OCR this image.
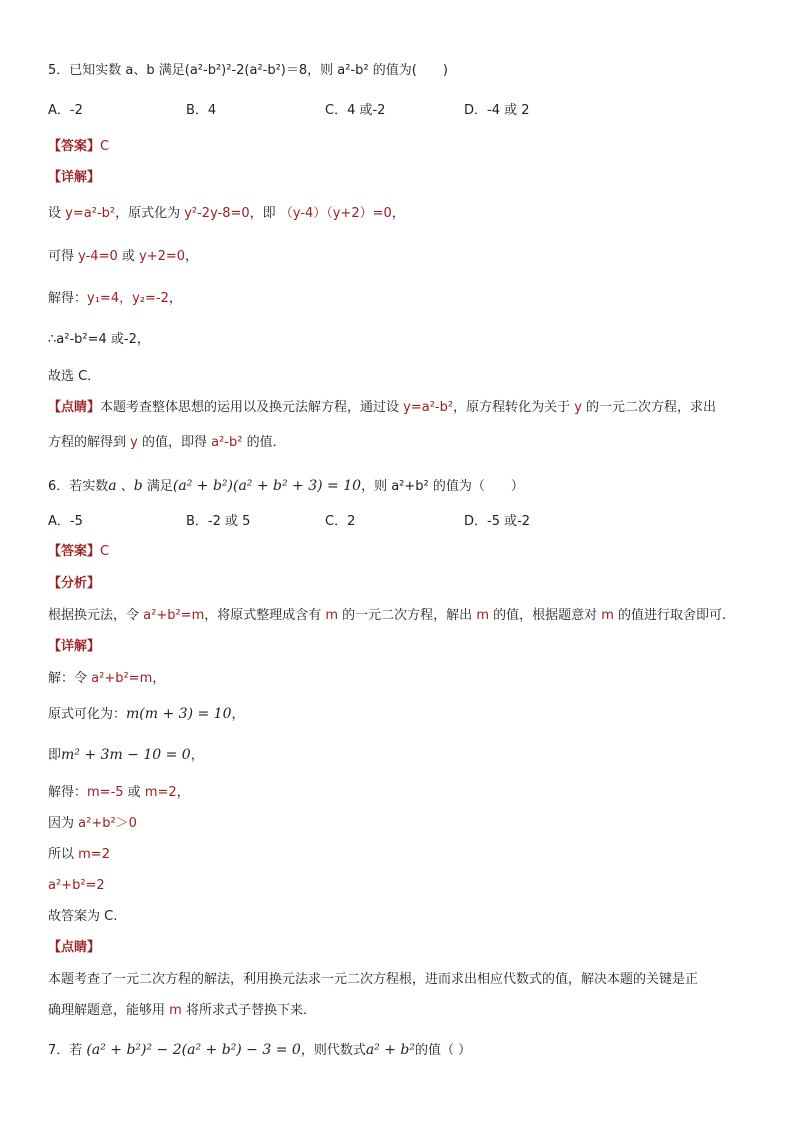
5．已知实数 a、b 满足(a²-b²)²-2(a²-b²)＝8，则 a²-b² 的值为(　　)
A．-2	B．4	C．4 或-2	D．-4 或 2
【答案】C
【详解】
设 y=a²-b²，原式化为 y²-2y-8=0，即 （y-4）（y+2）=0，
可得 y-4=0 或 y+2=0，
解得：y₁=4，y₂=-2，
∴a²-b²=4 或-2，
故选 C．
【点睛】本题考查整体思想的运用以及换元法解方程，通过设 y=a²-b²，原方程转化为关于 y 的一元二次方程，求出
方程的解得到 y 的值，即得 a²-b² 的值．
6．若实数a 、b 满足(a² + b²)(a² + b² + 3) = 10，则 a²+b² 的值为（　　）
A．-5	B．-2 或 5	C．2	D．-5 或-2
【答案】C
【分析】
根据换元法，令 a²+b²=m，将原式整理成含有 m 的一元二次方程，解出 m 的值，根据题意对 m 的值进行取舍即可.
【详解】
解：令 a²+b²=m，
原式可化为：m(m + 3) = 10，
即m² + 3m − 10 = 0，
解得：m=-5 或 m=2，
因为 a²+b²＞0
所以 m=2
a²+b²=2
故答案为 C.
【点睛】
本题考查了一元二次方程的解法，利用换元法求一元二次方程根，进而求出相应代数式的值，解决本题的关键是正
确理解题意，能够用 m 将所求式子替换下来.
7．若 (a² + b²)² − 2(a² + b²) − 3 = 0，则代数式a² + b²的值（ ）
